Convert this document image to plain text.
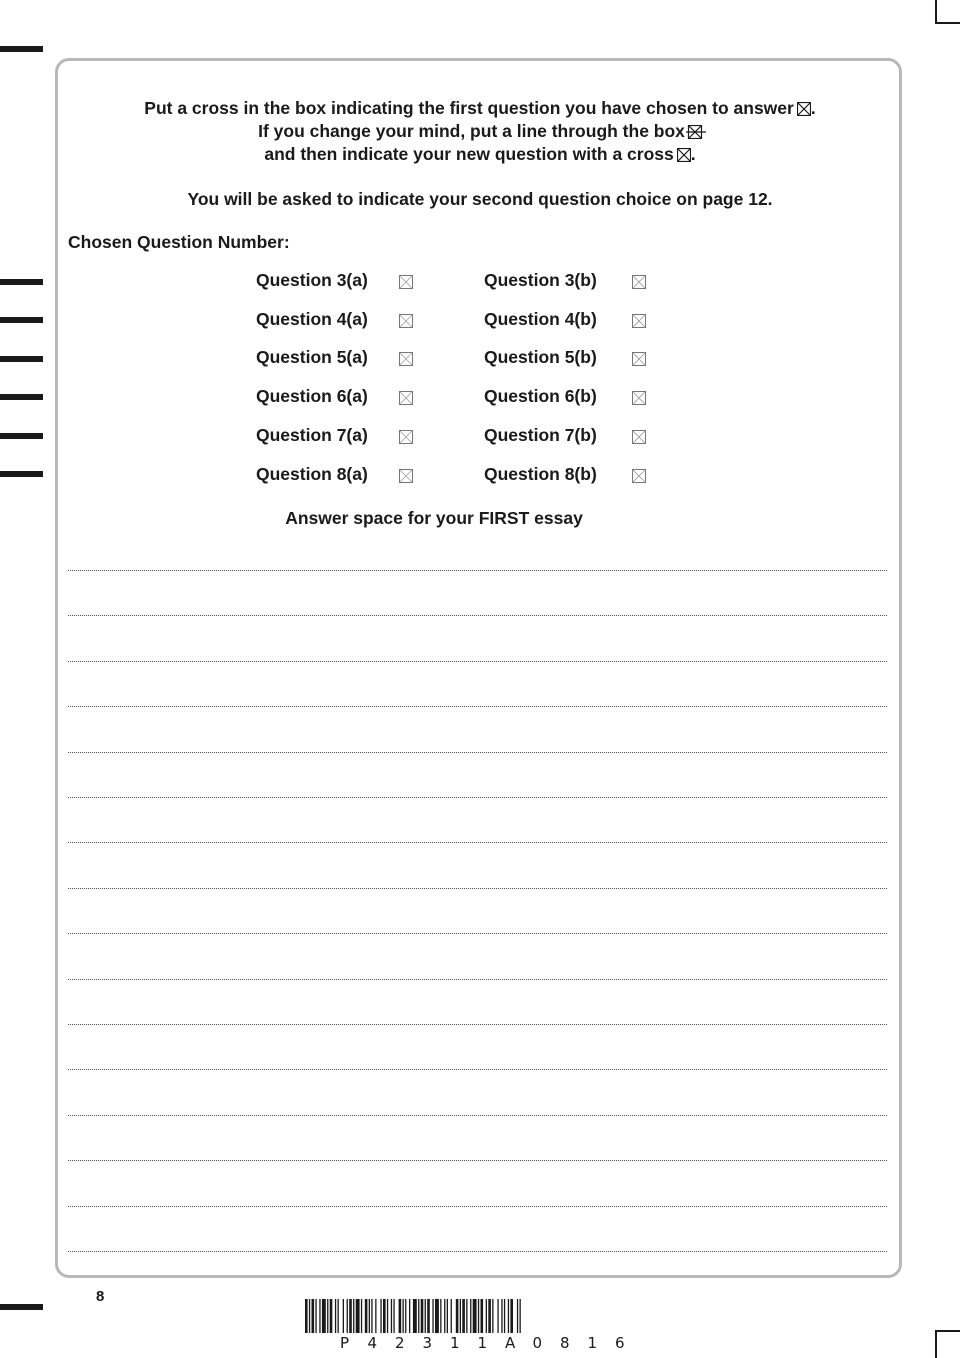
Put a cross in the box indicating the first question you have chosen to answer ☒.
If you change your mind, put a line through the box
and then indicate your new question with a cross ☒.
You will be asked to indicate your second question choice on page 12.
Chosen Question Number:
Question 3(a)	Question 3(b)
Question 4(a)	Question 4(b)
Question 5(a)	Question 5(b)
Question 6(a)	Question 6(b)
Question 7(a)	Question 7(b)
Question 8(a)	Question 8(b)
Answer space for your FIRST essay
8
P 4 2 3 1 1 A 0 8 1 6
